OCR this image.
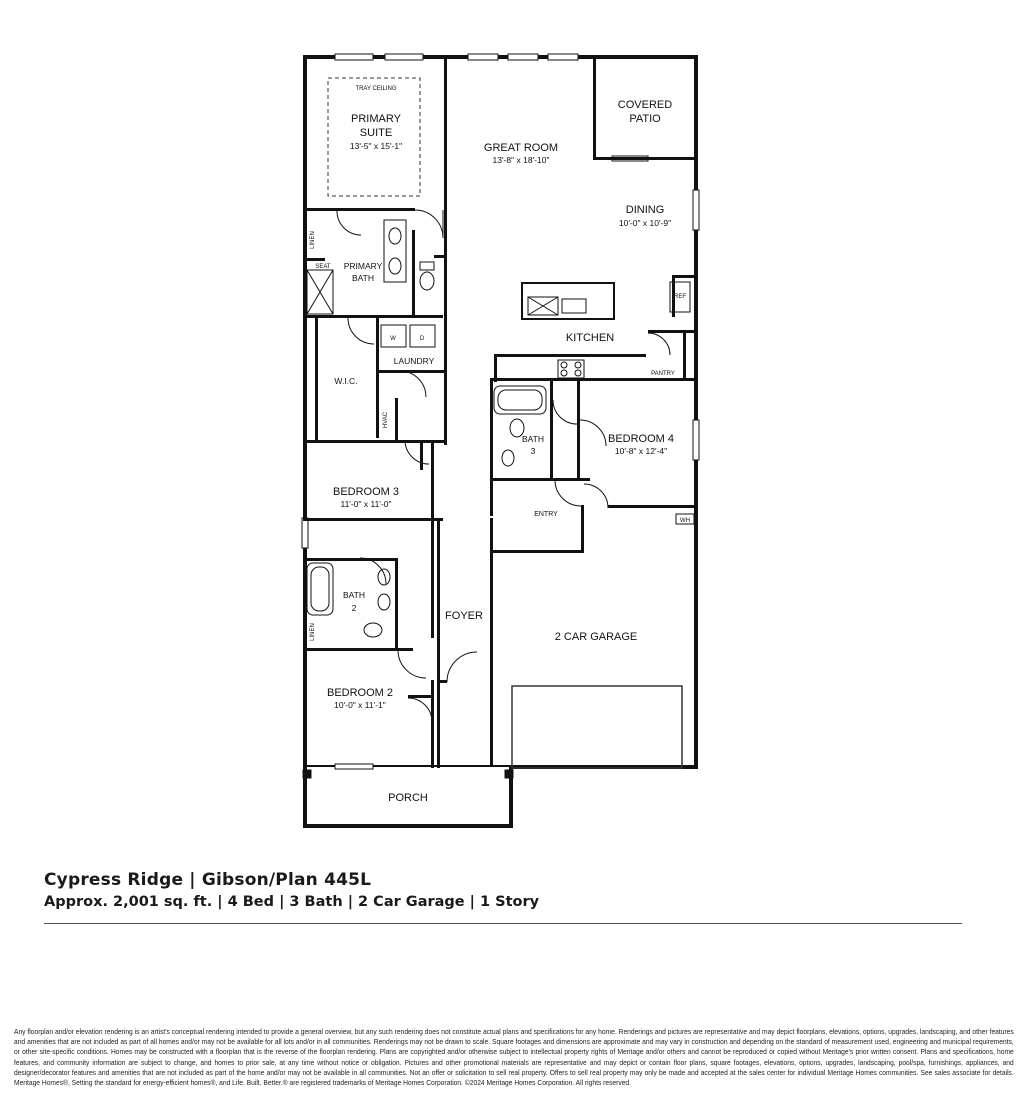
TRAY CEILING
PRIMARY
SUITE
13'-5" x 15'-1"	GREAT ROOM
13'-8" x 18'-10"
COVERED
PATIO
DINING
10'-0" x 10'-9"
LINEN
SEAT PRIMARY
BATH
REF
KITCHEN
PANTRY
W.I.C.
W	D
LAUNDRY
HVAC
BATH
3
BEDROOM 4
10'-8" x 12'-4"
BEDROOM 3
11'-0" x 11'-0"
ENTRY
WH
BATH
2
LINEN
FOYER
2 CAR GARAGE
BEDROOM 2
10'-0" x 11'-1"
PORCH

Cypress Ridge | Gibson/Plan 445L

Approx. 2,001 sq. ft. | 4 Bed | 3 Bath | 2 Car Garage | 1 Story

Any floorplan and/or elevation rendering is an artist's conceptual rendering intended to provide a general overview, but any such rendering does not constitute actual plans and specifications for any home. Renderings and pictures are representative and may depict floorplans, elevations, options, upgrades, landscaping, and other features and amenities that are not included as part of all homes and/or may not be available for all lots and/or in all communities. Renderings may not be drawn to scale. Square footages and dimensions are approximate and may vary in construction and depending on the standard of measurement used, engineering and municipal requirements, or other site-specific conditions. Homes may be constructed with a floorplan that is the reverse of the floorplan rendering. Plans are copyrighted and/or otherwise subject to intellectual property rights of Meritage and/or others and cannot be reproduced or copied without Meritage's prior written consent. Plans and specifications, home features, and community information are subject to change, and homes to prior sale, at any time without notice or obligation. Pictures and other promotional materials are representative and may depict or contain floor plans, square footages, elevations, options, upgrades, landscaping, pool/spa, furnishings, appliances, and designer/decorator features and amenities that are not included as part of the home and/or may not be available in all communities. Not an offer or solicitation to sell real property. Offers to sell real property may only be made and accepted at the sales center for individual Meritage Homes communities. See sales associate for details. Meritage Homes®, Setting the standard for energy-efficient homes®, and Life. Built. Better.® are registered trademarks of Meritage Homes Corporation. ©2024 Meritage Homes Corporation. All rights reserved.
